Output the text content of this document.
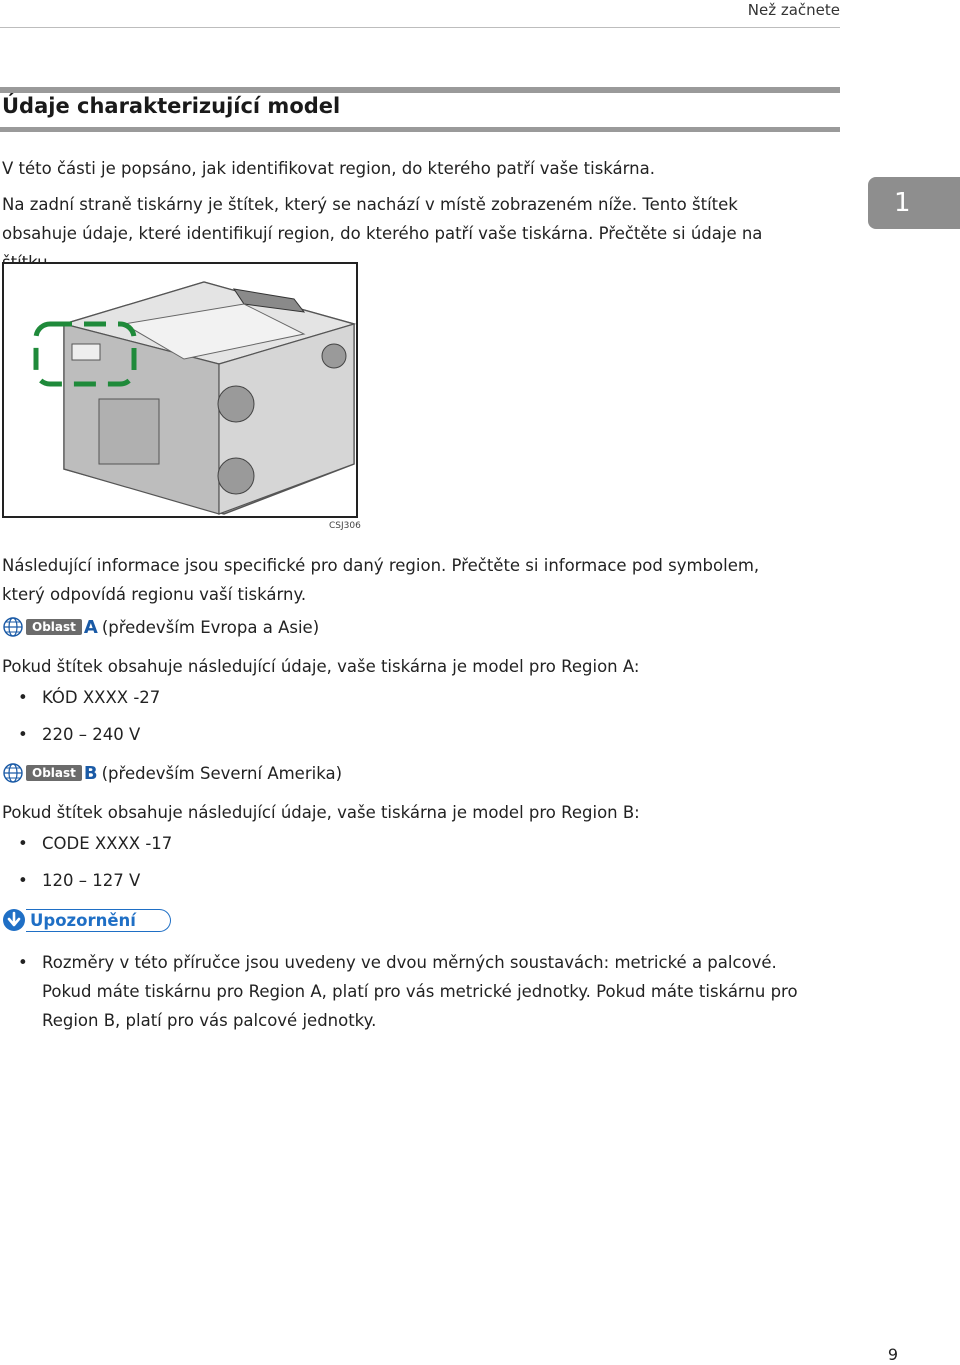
Než začnete
Údaje charakterizující model
1
V této části je popsáno, jak identifikovat region, do kterého patří vaše tiskárna.
Na zadní straně tiskárny je štítek, který se nachází v místě zobrazeném níže. Tento štítek obsahuje údaje, které identifikují region, do kterého patří vaše tiskárna. Přečtěte si údaje na
CSJ306
Následující informace jsou specifické pro daný region. Přečtěte si informace pod symbolem, který odpovídá regionu vaší tiskárny.
Oblast A (především Evropa a Asie)
Pokud štítek obsahuje následující údaje, vaše tiskárna je model pro Region A:
• KÓD XXXX -27
• 220 – 240 V
Oblast B (především Severní Amerika)
Pokud štítek obsahuje následující údaje, vaše tiskárna je model pro Region B:
• CODE XXXX -17
• 120 – 127 V
Upozornění
• Rozměry v této příručce jsou uvedeny ve dvou měrných soustavách: metrické a palcové. Pokud máte tiskárnu pro Region A, platí pro vás metrické jednotky. Pokud máte tiskárnu pro Region B, platí pro vás palcové jednotky.
9
